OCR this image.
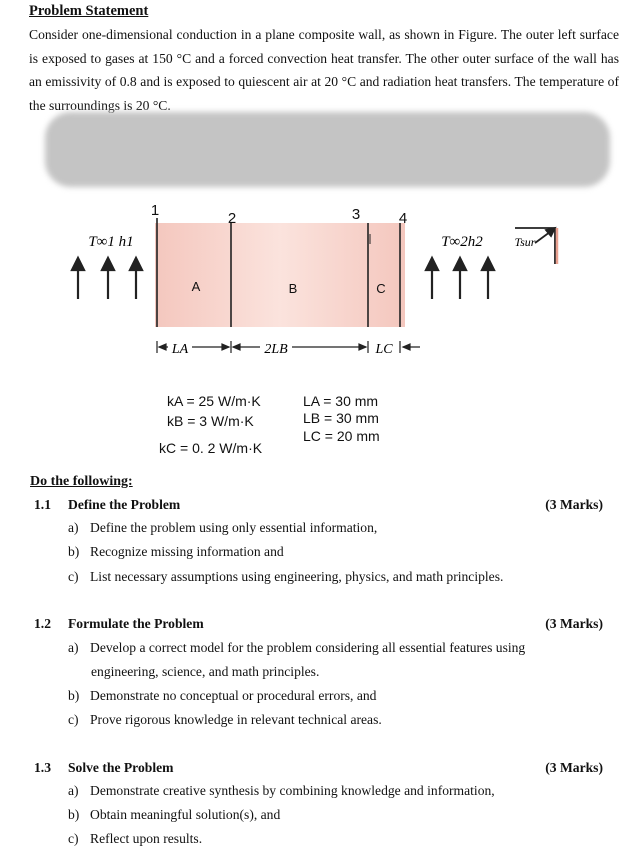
Problem Statement
Consider one-dimensional conduction in a plane composite wall, as shown in Figure. The outer left surface is exposed to gases at 150 °C and a forced convection heat transfer. The other outer surface of the wall has an emissivity of 0.8 and is exposed to quiescent air at 20 °C and radiation heat transfers. The temperature of the surroundings is 20 °C.
1	2	3	4
A	B	C
T∞1 h1	T∞2h2	Tsur
LA	2LB	LC
kA = 25 W/m·K
kB = 3 W/m·K
kC = 0. 2 W/m·K
LA = 30 mm
LB = 30 mm
LC = 20 mm
Do the following:
1.1 Define the Problem	(3 Marks)
a) Define the problem using only essential information,
b) Recognize missing information and
c) List necessary assumptions using engineering, physics, and math principles.
1.2 Formulate the Problem	(3 Marks)
a) Develop a correct model for the problem considering all essential features using
engineering, science, and math principles.
b) Demonstrate no conceptual or procedural errors, and
c) Prove rigorous knowledge in relevant technical areas.
1.3 Solve the Problem	(3 Marks)
a) Demonstrate creative synthesis by combining knowledge and information,
b) Obtain meaningful solution(s), and
c) Reflect upon results.
